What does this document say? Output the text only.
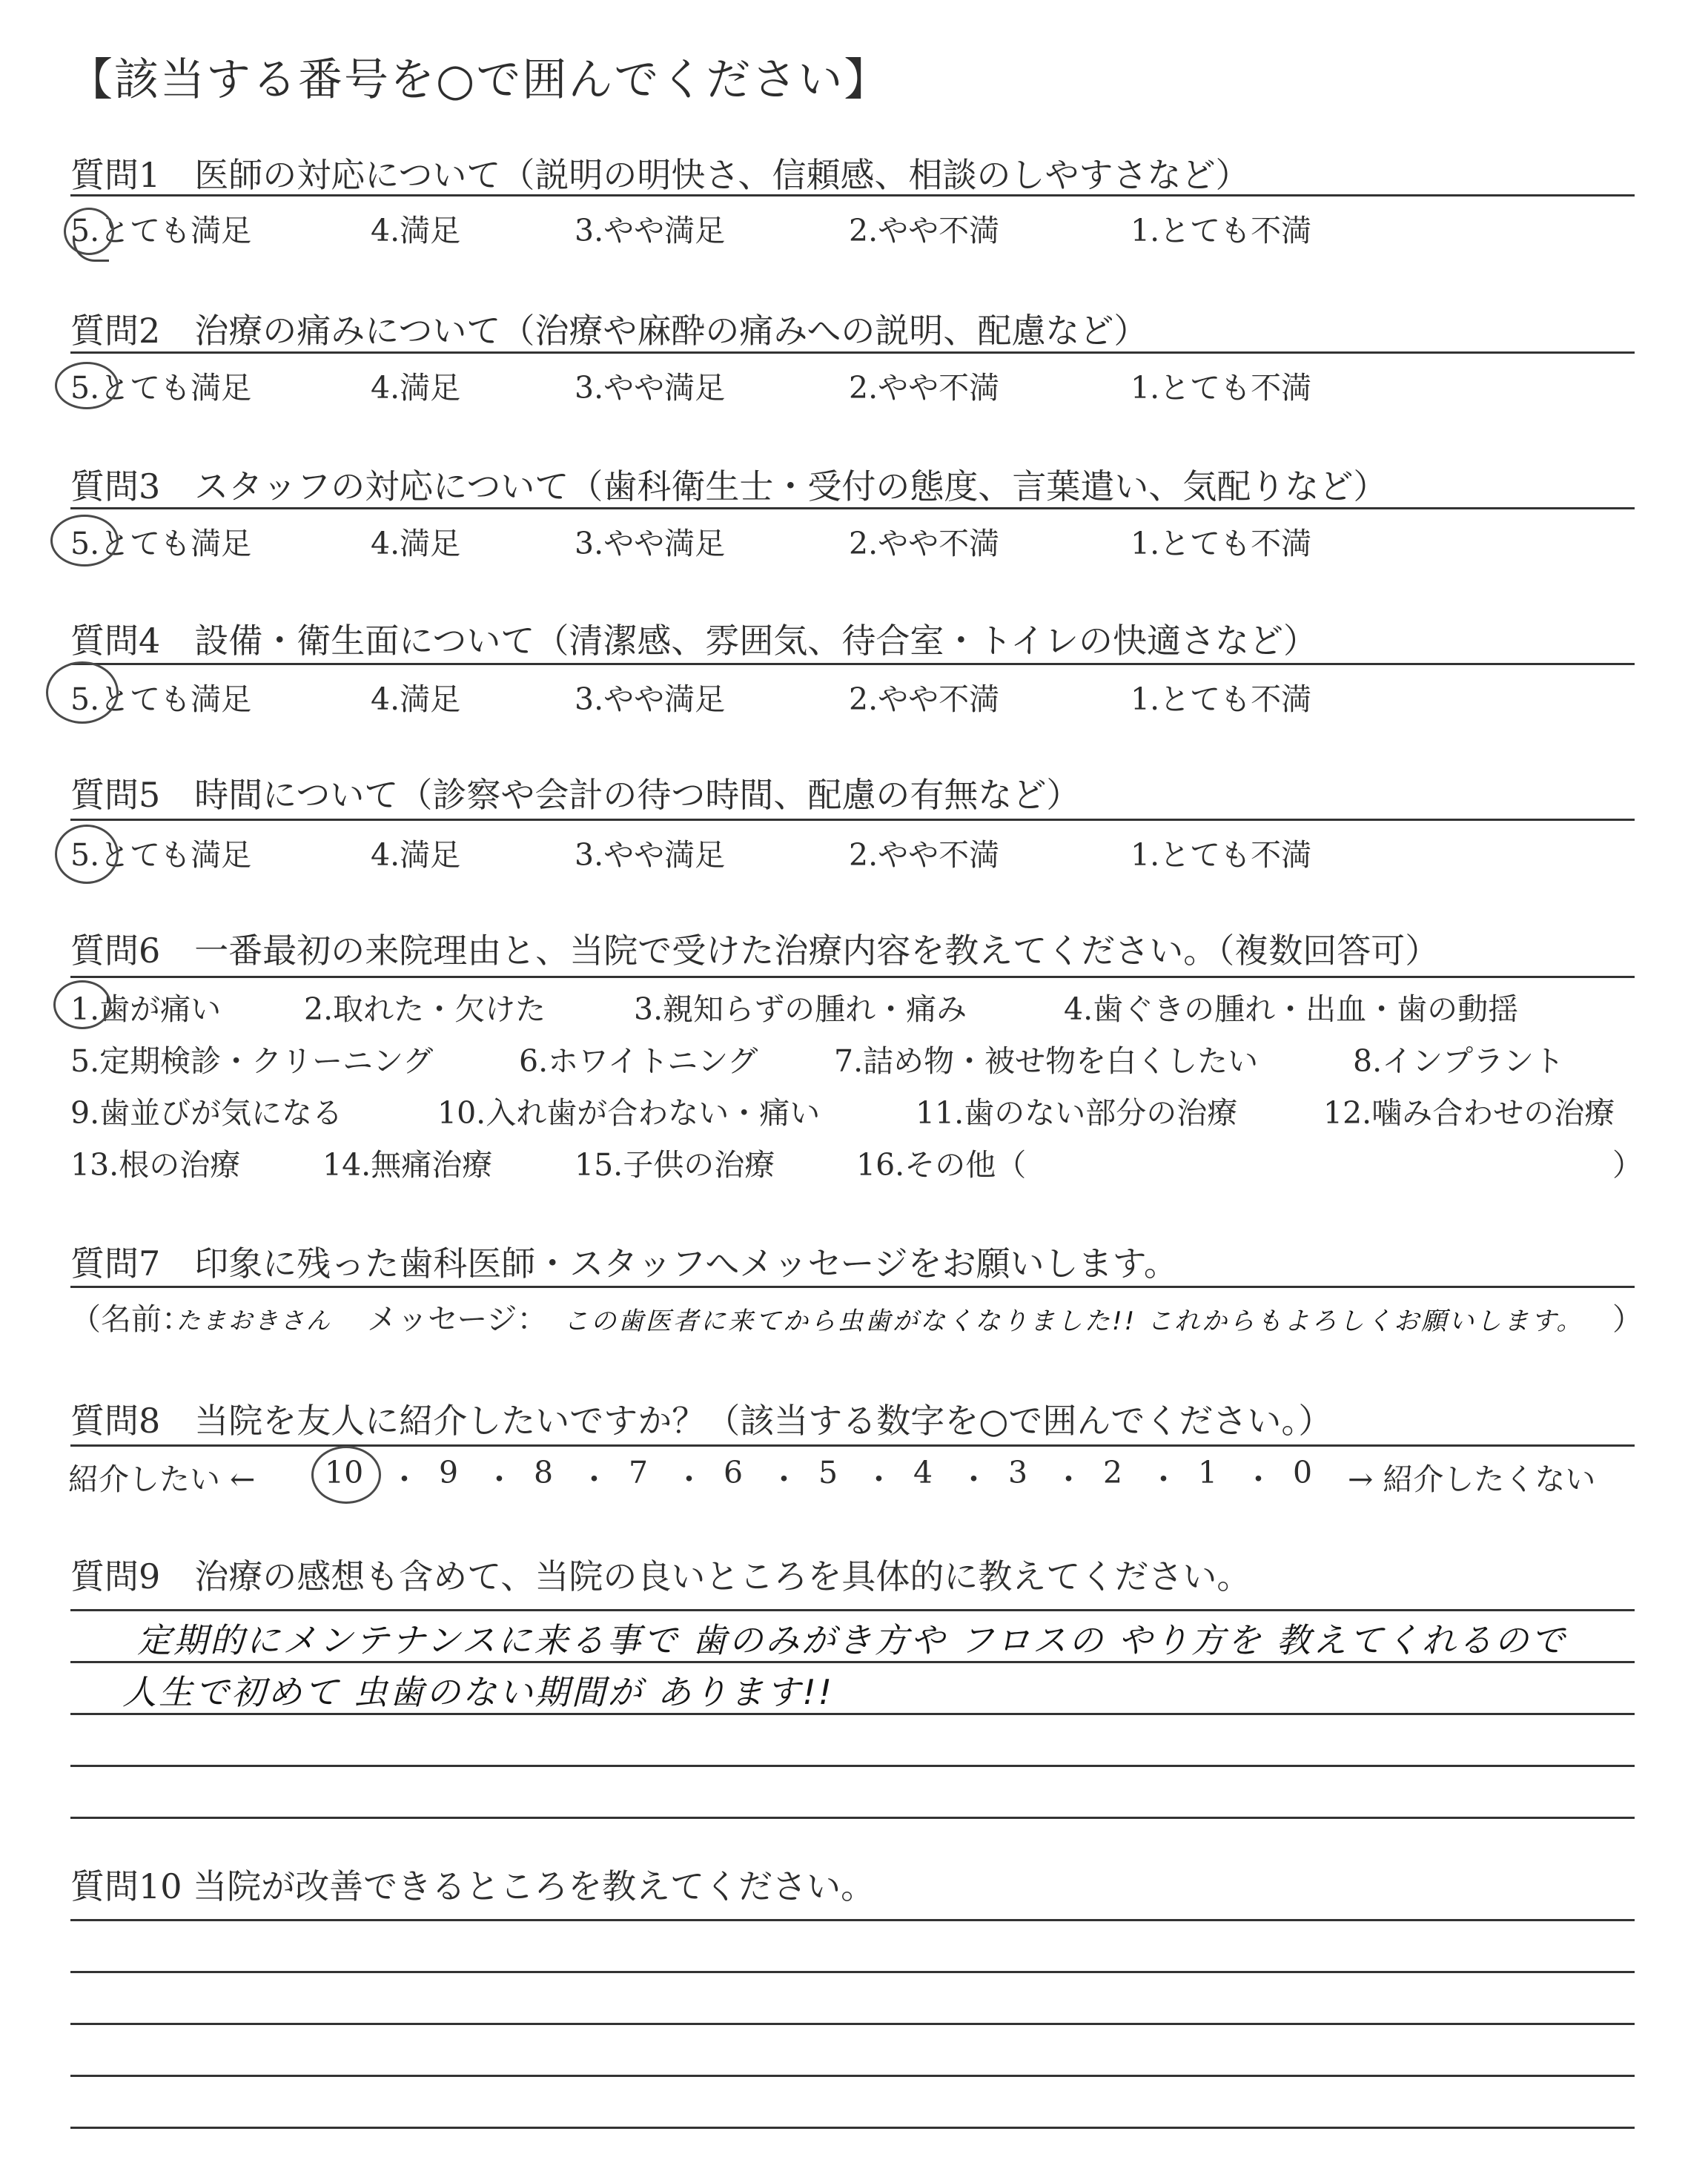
【該当する番号を○で囲んでください】
質問1　医師の対応について（説明の明快さ、信頼感、相談のしやすさなど）
5.とても満足	4.満足	3.やや満足	2.やや不満	1.とても不満
質問2　治療の痛みについて（治療や麻酔の痛みへの説明、配慮など）
5.とても満足	4.満足	3.やや満足	2.やや不満	1.とても不満
質問3　スタッフの対応について（歯科衛生士・受付の態度、言葉遣い、気配りなど）
5.とても満足	4.満足	3.やや満足	2.やや不満	1.とても不満
質問4　設備・衛生面について（清潔感、雰囲気、待合室・トイレの快適さなど）
5.とても満足	4.満足	3.やや満足	2.やや不満	1.とても不満
質問5　時間について（診察や会計の待つ時間、配慮の有無など）
5.とても満足	4.満足	3.やや満足	2.やや不満	1.とても不満
質問6　一番最初の来院理由と、当院で受けた治療内容を教えてください。（複数回答可）
1.歯が痛い	2.取れた・欠けた	3.親知らずの腫れ・痛み	4.歯ぐきの腫れ・出血・歯の動揺
5.定期検診・クリーニング	6.ホワイトニング	7.詰め物・被せ物を白くしたい	8.インプラント
9.歯並びが気になる	10.入れ歯が合わない・痛い	11.歯のない部分の治療	12.噛み合わせの治療
13.根の治療	14.無痛治療	15.子供の治療	16.その他（	）
質問7　印象に残った歯科医師・スタッフへメッセージをお願いします。
（名前：
たまおきさん メッセージ： この歯医者に来てから虫歯がなくなりました!! これからもよろしくお願いします。 ）
質問8　当院を友人に紹介したいですか？（該当する数字を○で囲んでください。）
紹介したい ← 10 ・ 9 ・ 8 ・ 7 ・ 6 ・ 5 ・ 4 ・ 3 ・ 2 ・ 1 ・ 0 → 紹介したくない
質問9　治療の感想も含めて、当院の良いところを具体的に教えてください。
定期的にメンテナンスに来る事で 歯のみがき方や フロスの やり方を 教えてくれるので
人生で初めて 虫歯のない期間が あります!!
質問10 当院が改善できるところを教えてください。
